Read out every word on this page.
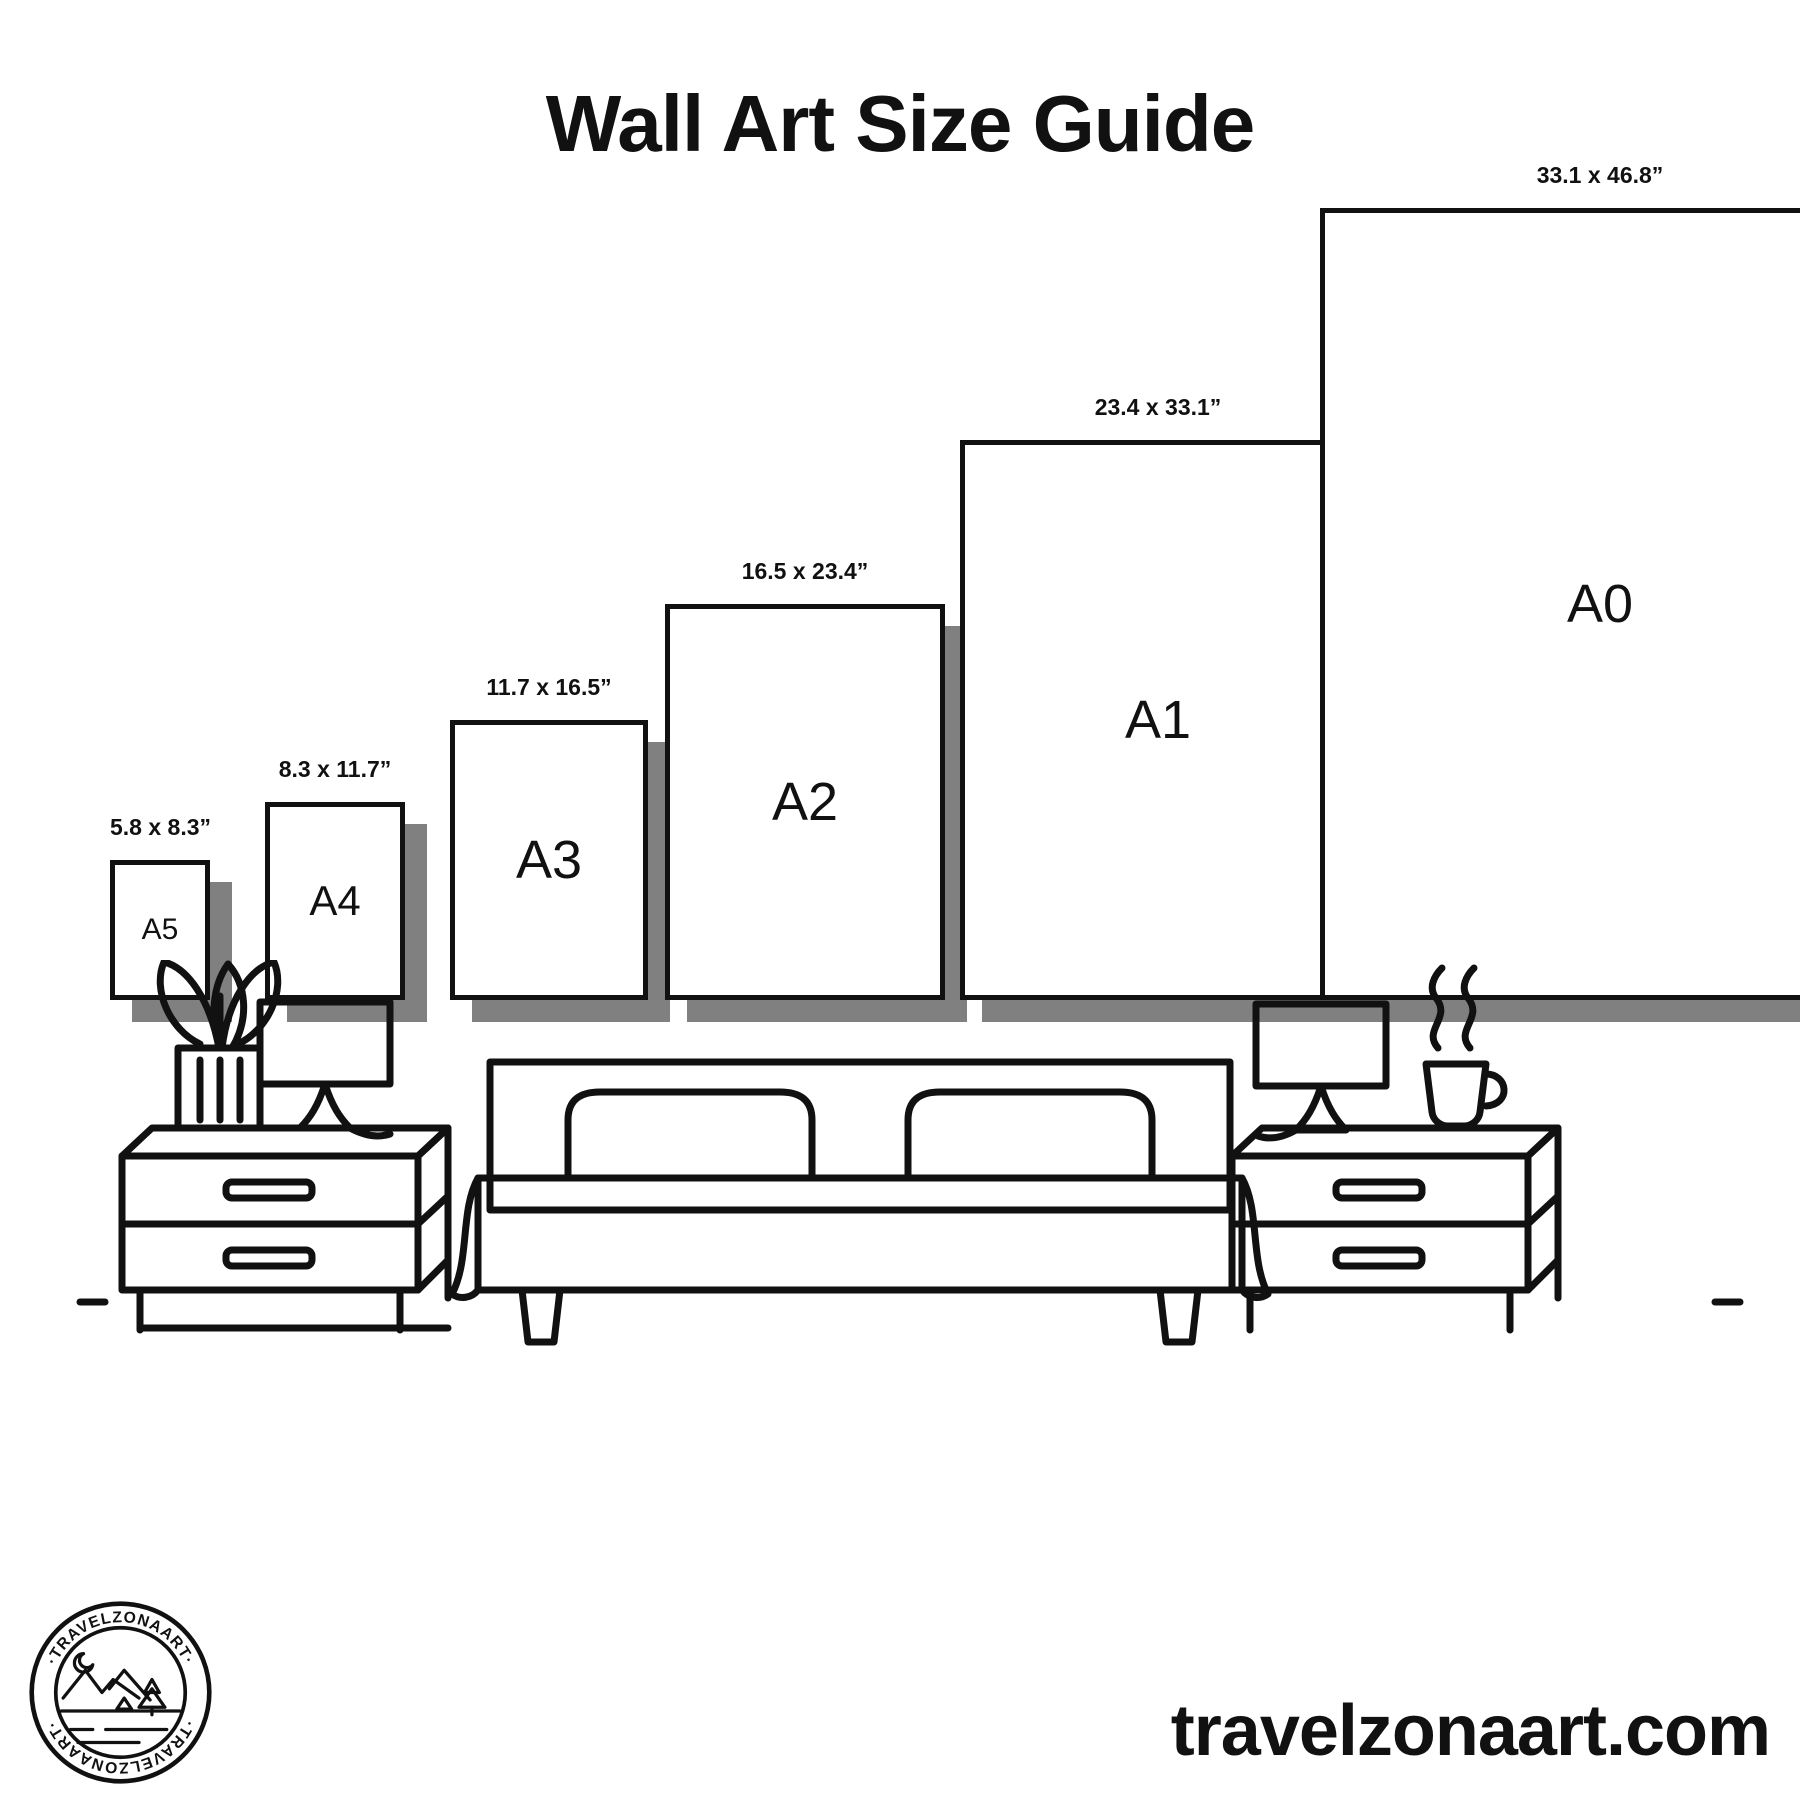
Wall Art Size Guide
5.8 x 8.3”
A5
8.3 x 11.7”
A4
11.7 x 16.5”
A3
16.5 x 23.4”
A2
23.4 x 33.1”
A1
33.1 x 46.8”
A0
·TRAVELZONAART·
·TRAVELZONAART·	travelzonaart.com
